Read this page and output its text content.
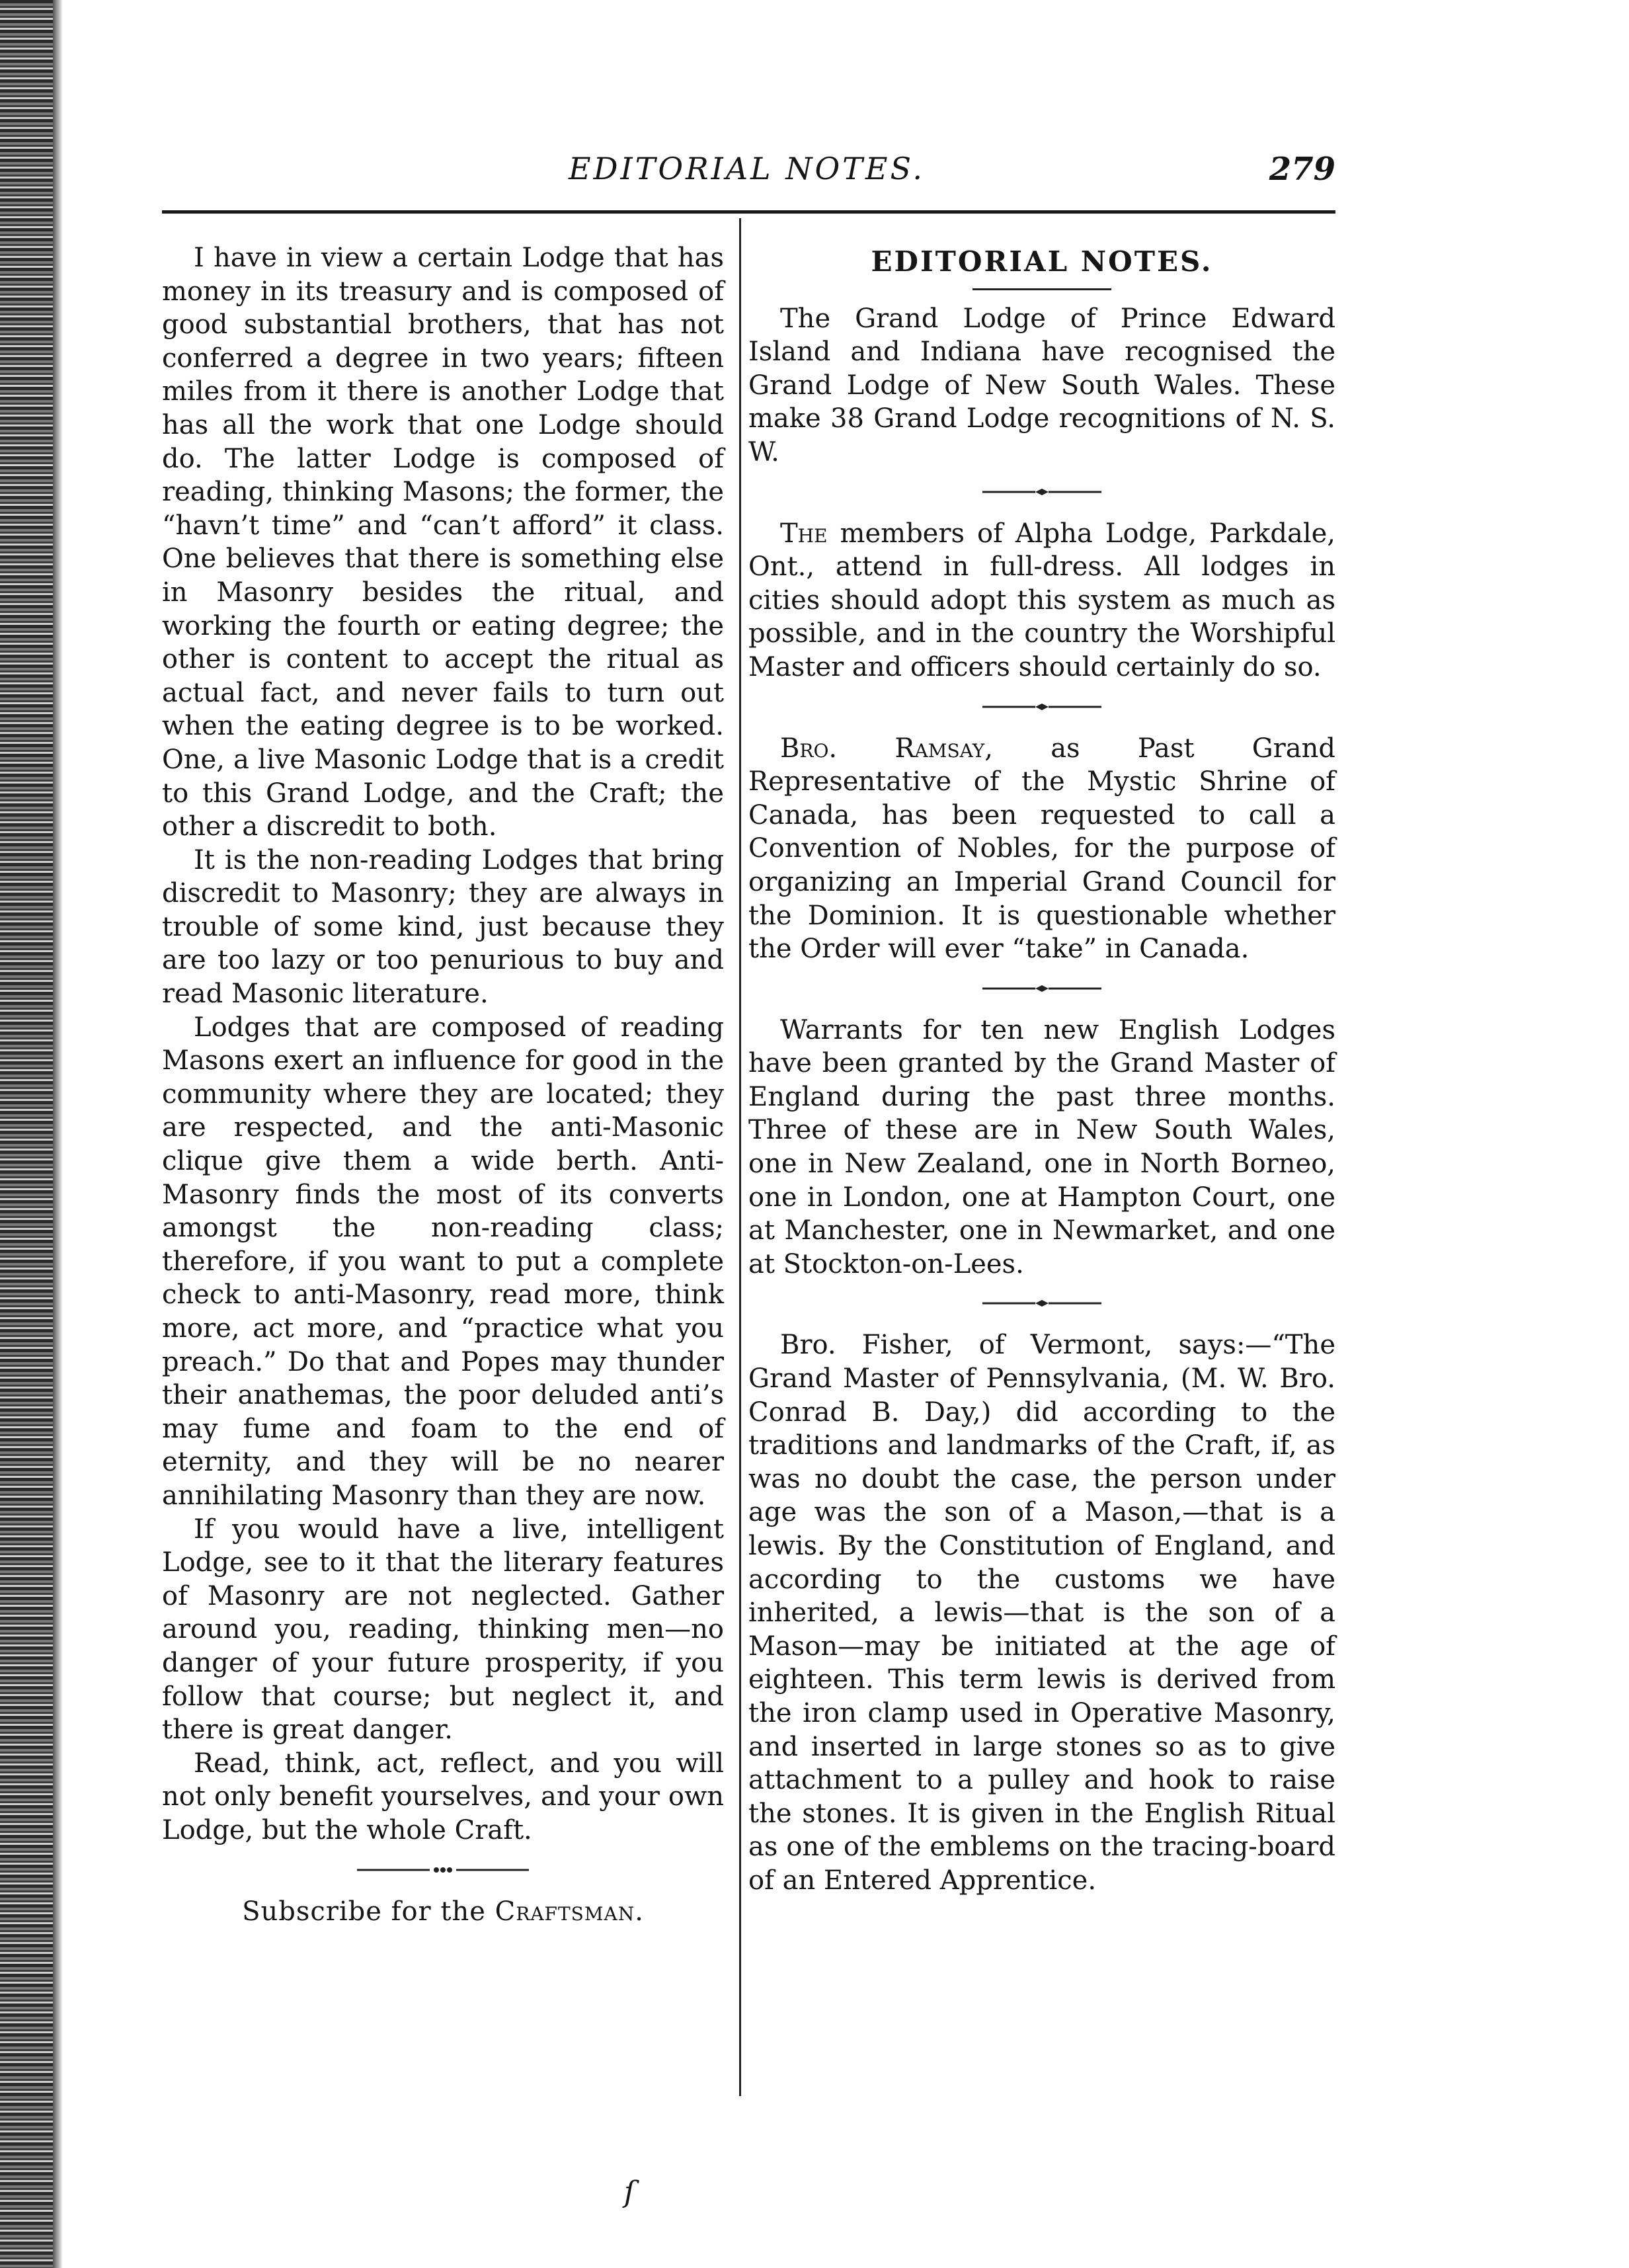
EDITORIAL NOTES.	279

I have in view a certain Lodge that has money in its treasury and is composed of good substantial brothers, that has not conferred a degree in two years; fifteen miles from it there is another Lodge that has all the work that one Lodge should do. The latter Lodge is composed of reading, thinking Masons; the former, the “havn’t time” and “can’t afford” it class. One believes that there is something else in Masonry besides the ritual, and working the fourth or eating degree; the other is content to accept the ritual as actual fact, and never fails to turn out when the eating degree is to be worked. One, a live Masonic Lodge that is a credit to this Grand Lodge, and the Craft; the other a discredit to both.

It is the non-reading Lodges that bring discredit to Masonry; they are always in trouble of some kind, just because they are too lazy or too penurious to buy and read Masonic literature.

Lodges that are composed of reading Masons exert an influence for good in the community where they are located; they are respected, and the anti-Masonic clique give them a wide berth. Anti-Masonry finds the most of its converts amongst the non-reading class; therefore, if you want to put a complete check to anti-Masonry, read more, think more, act more, and “practice what you preach.” Do that and Popes may thunder their anathemas, the poor deluded anti’s may fume and foam to the end of eternity, and they will be no nearer annihilating Masonry than they are now.

If you would have a live, intelligent Lodge, see to it that the literary features of Masonry are not neglected. Gather around you, reading, thinking men—no danger of your future prosperity, if you follow that course; but neglect it, and there is great danger.

Read, think, act, reflect, and you will not only benefit yourselves, and your own Lodge, but the whole Craft.

Subscribe for the Craftsman.

EDITORIAL NOTES.

The Grand Lodge of Prince Edward Island and Indiana have recognised the Grand Lodge of New South Wales. These make 38 Grand Lodge recognitions of N. S. W.

The members of Alpha Lodge, Parkdale, Ont., attend in full-dress. All lodges in cities should adopt this system as much as possible, and in the country the Worshipful Master and officers should certainly do so.

Bro. Ramsay, as Past Grand Representative of the Mystic Shrine of Canada, has been requested to call a Convention of Nobles, for the purpose of organizing an Imperial Grand Council for the Dominion. It is questionable whether the Order will ever “take” in Canada.

Warrants for ten new English Lodges have been granted by the Grand Master of England during the past three months. Three of these are in New South Wales, one in New Zealand, one in North Borneo, one in London, one at Hampton Court, one at Manchester, one in Newmarket, and one at Stockton-on-Lees.

Bro. Fisher, of Vermont, says:—“The Grand Master of Pennsylvania, (M. W. Bro. Conrad B. Day,) did according to the traditions and landmarks of the Craft, if, as was no doubt the case, the person under age was the son of a Mason,—that is a lewis. By the Constitution of England, and according to the customs we have inherited, a lewis—that is the son of a Mason—may be initiated at the age of eighteen. This term lewis is derived from the iron clamp used in Operative Masonry, and inserted in large stones so as to give attachment to a pulley and hook to raise the stones. It is given in the English Ritual as one of the emblems on the tracing-board of an Entered Apprentice.

ſ
